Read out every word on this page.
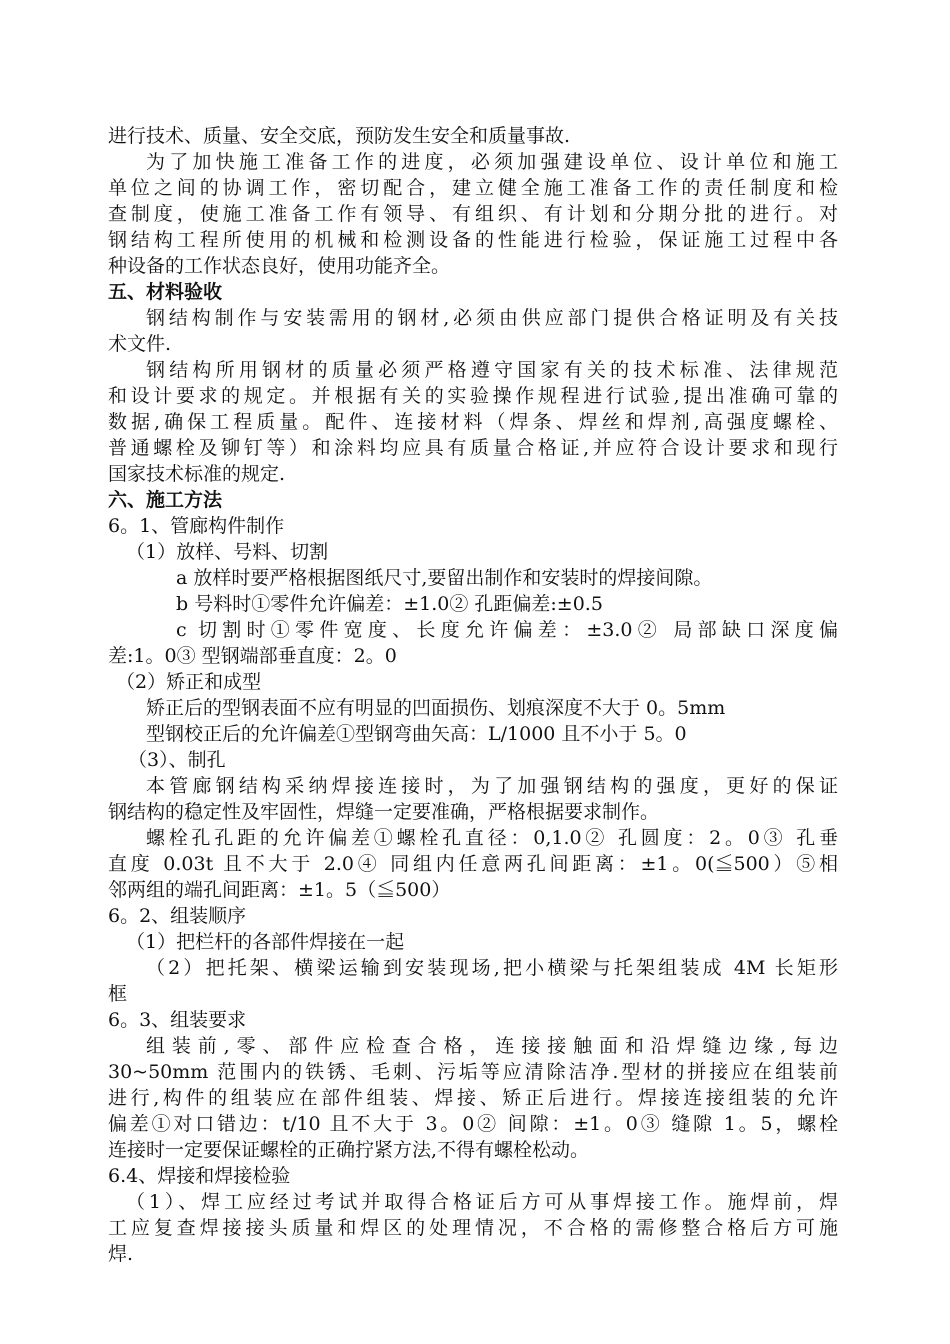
进行技术、质量、安全交底，预防发生安全和质量事故.
为了加快施工准备工作的进度，必须加强建设单位、设计单位和施工
单位之间的协调工作，密切配合，建立健全施工准备工作的责任制度和检
查制度，使施工准备工作有领导、有组织、有计划和分期分批的进行。对
钢结构工程所使用的机械和检测设备的性能进行检验，保证施工过程中各
种设备的工作状态良好，使用功能齐全。
五、材料验收
钢结构制作与安装需用的钢材,必须由供应部门提供合格证明及有关技
术文件.
钢结构所用钢材的质量必须严格遵守国家有关的技术标准、法律规范
和设计要求的规定。并根据有关的实验操作规程进行试验,提出准确可靠的
数据,确保工程质量。配件、连接材料（焊条、焊丝和焊剂,高强度螺栓、
普通螺栓及铆钉等）和涂料均应具有质量合格证,并应符合设计要求和现行
国家技术标准的规定.
六、施工方法
6。1、管廊构件制作
（1）放样、号料、切割
a 放样时要严格根据图纸尺寸,要留出制作和安装时的焊接间隙。
b 号料时①零件允许偏差：±1.0② 孔距偏差:±0.5
c 切割时①零件宽度、长度允许偏差：±3.0② 局部缺口深度偏
差:1。0③ 型钢端部垂直度：2。0
（2）矫正和成型
矫正后的型钢表面不应有明显的凹面损伤、划痕深度不大于 0。5mm
型钢校正后的允许偏差①型钢弯曲矢高：L/1000 且不小于 5。0
（3）、制孔
本管廊钢结构采纳焊接连接时，为了加强钢结构的强度，更好的保证
钢结构的稳定性及牢固性，焊缝一定要准确，严格根据要求制作。
螺栓孔孔距的允许偏差①螺栓孔直径：0,1.0② 孔圆度：2。0③ 孔垂
直度 0.03t 且不大于 2.0④ 同组内任意两孔间距离：±1。0(≦500）⑤相
邻两组的端孔间距离：±1。5（≦500）
6。2、组装顺序
（1）把栏杆的各部件焊接在一起
（2）把托架、横梁运输到安装现场,把小横梁与托架组装成 4M 长矩形
框
6。3、组装要求
组装前,零、部件应检查合格，连接接触面和沿焊缝边缘,每边
30~50mm 范围内的铁锈、毛刺、污垢等应清除洁净.型材的拼接应在组装前
进行,构件的组装应在部件组装、焊接、矫正后进行。焊接连接组装的允许
偏差①对口错边：t/10 且不大于 3。0② 间隙：±1。0③ 缝隙 1。5，螺栓
连接时一定要保证螺栓的正确拧紧方法,不得有螺栓松动。
6.4、焊接和焊接检验
（1）、焊工应经过考试并取得合格证后方可从事焊接工作。施焊前，焊
工应复查焊接接头质量和焊区的处理情况，不合格的需修整合格后方可施
焊.
